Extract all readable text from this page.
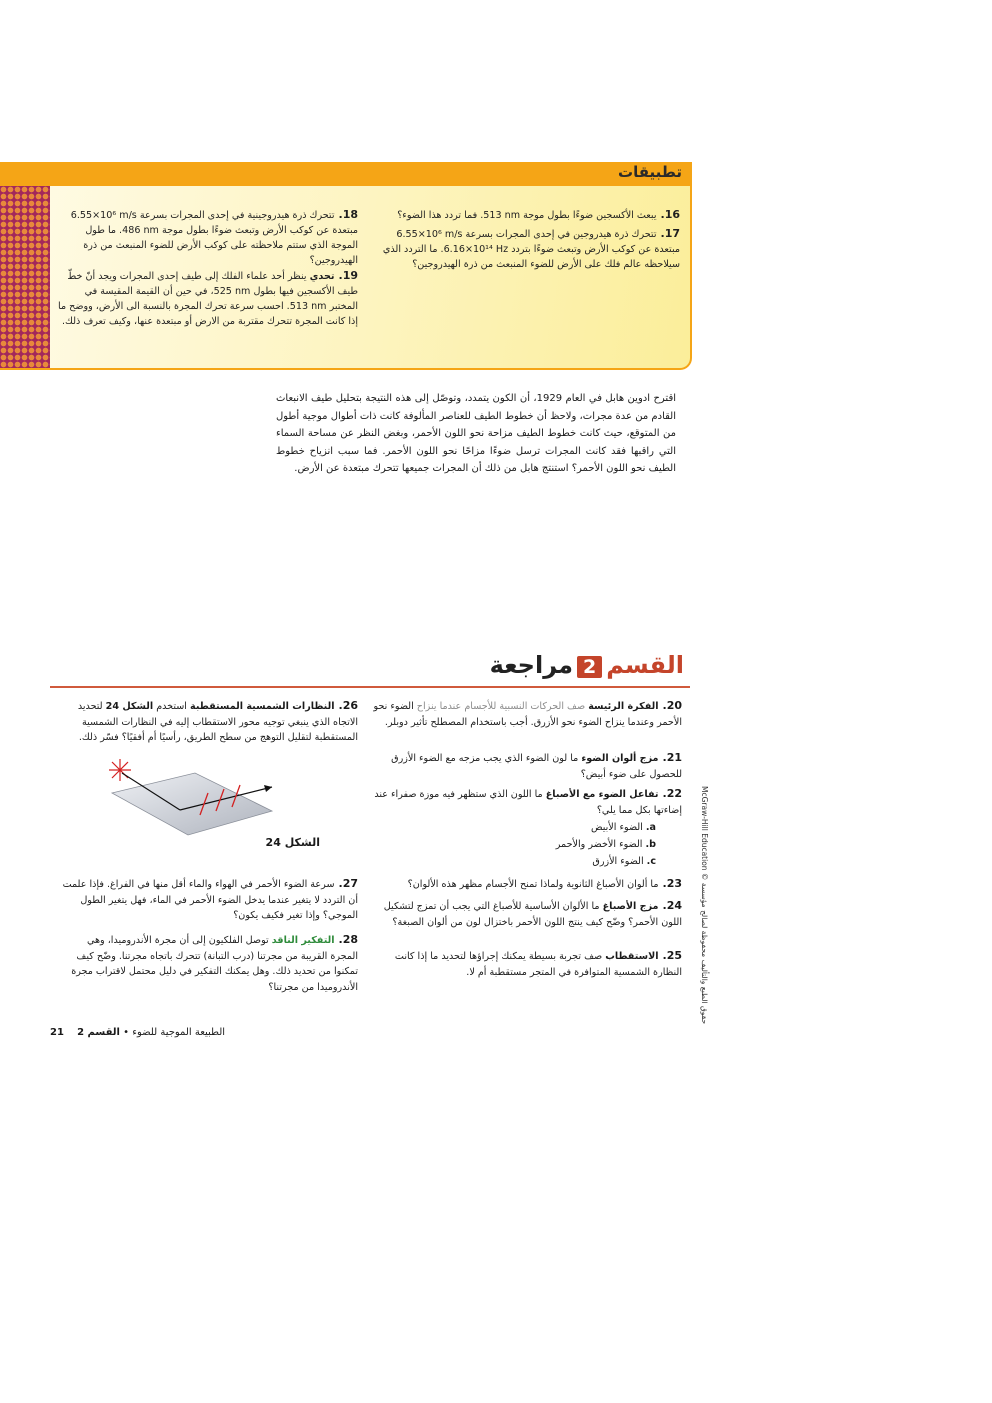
تطبيقات
16.يبعث الأكسجين ضوءًا بطول موجة 513 nm. فما تردد هذا الضوء؟
17.تتحرك ذرة هيدروجين في إحدى المجرات بسرعة 6.55×10⁶ m/s مبتعدة عن كوكب الأرض وتبعث ضوءًا بتردد 6.16×10¹⁴ Hz. ما التردد الذي سيلاحظه عالم فلك على الأرض للضوء المنبعث من ذرة الهيدروجين؟
18.تتحرك ذرة هيدروجينية في إحدى المجرات بسرعة 6.55×10⁶ m/s مبتعدة عن كوكب الأرض وتبعث ضوءًا بطول موجة 486 nm. ما طول الموجة الذي ستتم ملاحظته على كوكب الأرض للضوء المنبعث من ذرة الهيدروجين؟
19.تحدي ينظر أحد علماء الفلك إلى طيف إحدى المجرات ويجد أنّ خطّ طيف الأكسجين فيها بطول 525 nm، في حين أن القيمة المقيسة في المختبر 513 nm. احسب سرعة تحرك المجرة بالنسبة الى الأرض، ووضح ما إذا كانت المجرة تتحرك مقتربة من الارض أو مبتعدة عنها، وكيف تعرف ذلك.
اقترح ادوين هابل في العام 1929، أن الكون يتمدد، وتوصّل إلى هذه النتيجة بتحليل طيف الانبعاث القادم من عدة مجرات، ولاحظ أن خطوط الطيف للعناصر المألوفة كانت ذات أطوال موجية أطول من المتوقع، حيث كانت خطوط الطيف مزاحة نحو اللون الأحمر، وبغض النظر عن مساحة السماء التي راقبها فقد كانت المجرات ترسل ضوءًا مزاحًا نحو اللون الأحمر. فما سبب انزياح خطوط الطيف نحو اللون الأحمر؟ استنتج هابل من ذلك أن المجرات جميعها تتحرك مبتعدة عن الأرض.
القسم2مراجعة
20.الفكرة الرئيسة صف الحركات النسبية للأجسام عندما ينزاح الضوء نحو الأحمر وعندما ينزاح الضوء نحو الأزرق. أجب باستخدام المصطلح تأثير دوبلر.
21.مزج ألوان الضوء ما لون الضوء الذي يجب مزجه مع الضوء الأزرق للحصول على ضوء أبيض؟
22.تفاعل الضوء مع الأصباغ ما اللون الذي ستظهر فيه موزة صفراء عند إضاءتها بكل مما يلي؟
a.الضوء الأبيض
b.الضوء الأخضر والأحمر
c.الضوء الأزرق
23.ما ألوان الأصباغ الثانوية ولماذا تمنح الأجسام مظهر هذه الألوان؟
24.مزج الأصباغ ما الألوان الأساسية للأصباغ التي يجب أن تمزج لتشكيل اللون الأحمر؟ وضّح كيف ينتج اللون الأحمر باختزال لون من ألوان الصبغة؟
25.الاستقطاب صف تجربة بسيطة يمكنك إجراؤها لتحديد ما إذا كانت النظارة الشمسية المتوافرة في المتجر مستقطبة أم لا.
26.النظارات الشمسية المستقطبة استخدم الشكل 24 لتحديد الاتجاه الذي ينبغي توجيه محور الاستقطاب إليه في النظارات الشمسية المستقطبة لتقليل التوهج من سطح الطريق، رأسيًا أم أفقيًا؟ فسّر ذلك.
الشكل 24
27.سرعة الضوء الأحمر في الهواء والماء أقل منها في الفراغ. فإذا علمت أن التردد لا يتغير عندما يدخل الضوء الأحمر في الماء، فهل يتغير الطول الموجي؟ وإذا تغير فكيف يكون؟
28.التفكير الناقد توصل الفلكيون إلى أن مجرة الأندروميدا، وهي المجرة القريبة من مجرتنا (درب التبانة) تتحرك باتجاه مجرتنا. وضّح كيف تمكنوا من تحديد ذلك. وهل يمكنك التفكير في دليل محتمل لاقتراب مجرة الأندروميدا من مجرتنا؟
McGraw-Hill Education © حقوق الطبع والتأليف محفوظة لصالح مؤسسة
21	الطبيعة الموجية للضوء • القسم 2
